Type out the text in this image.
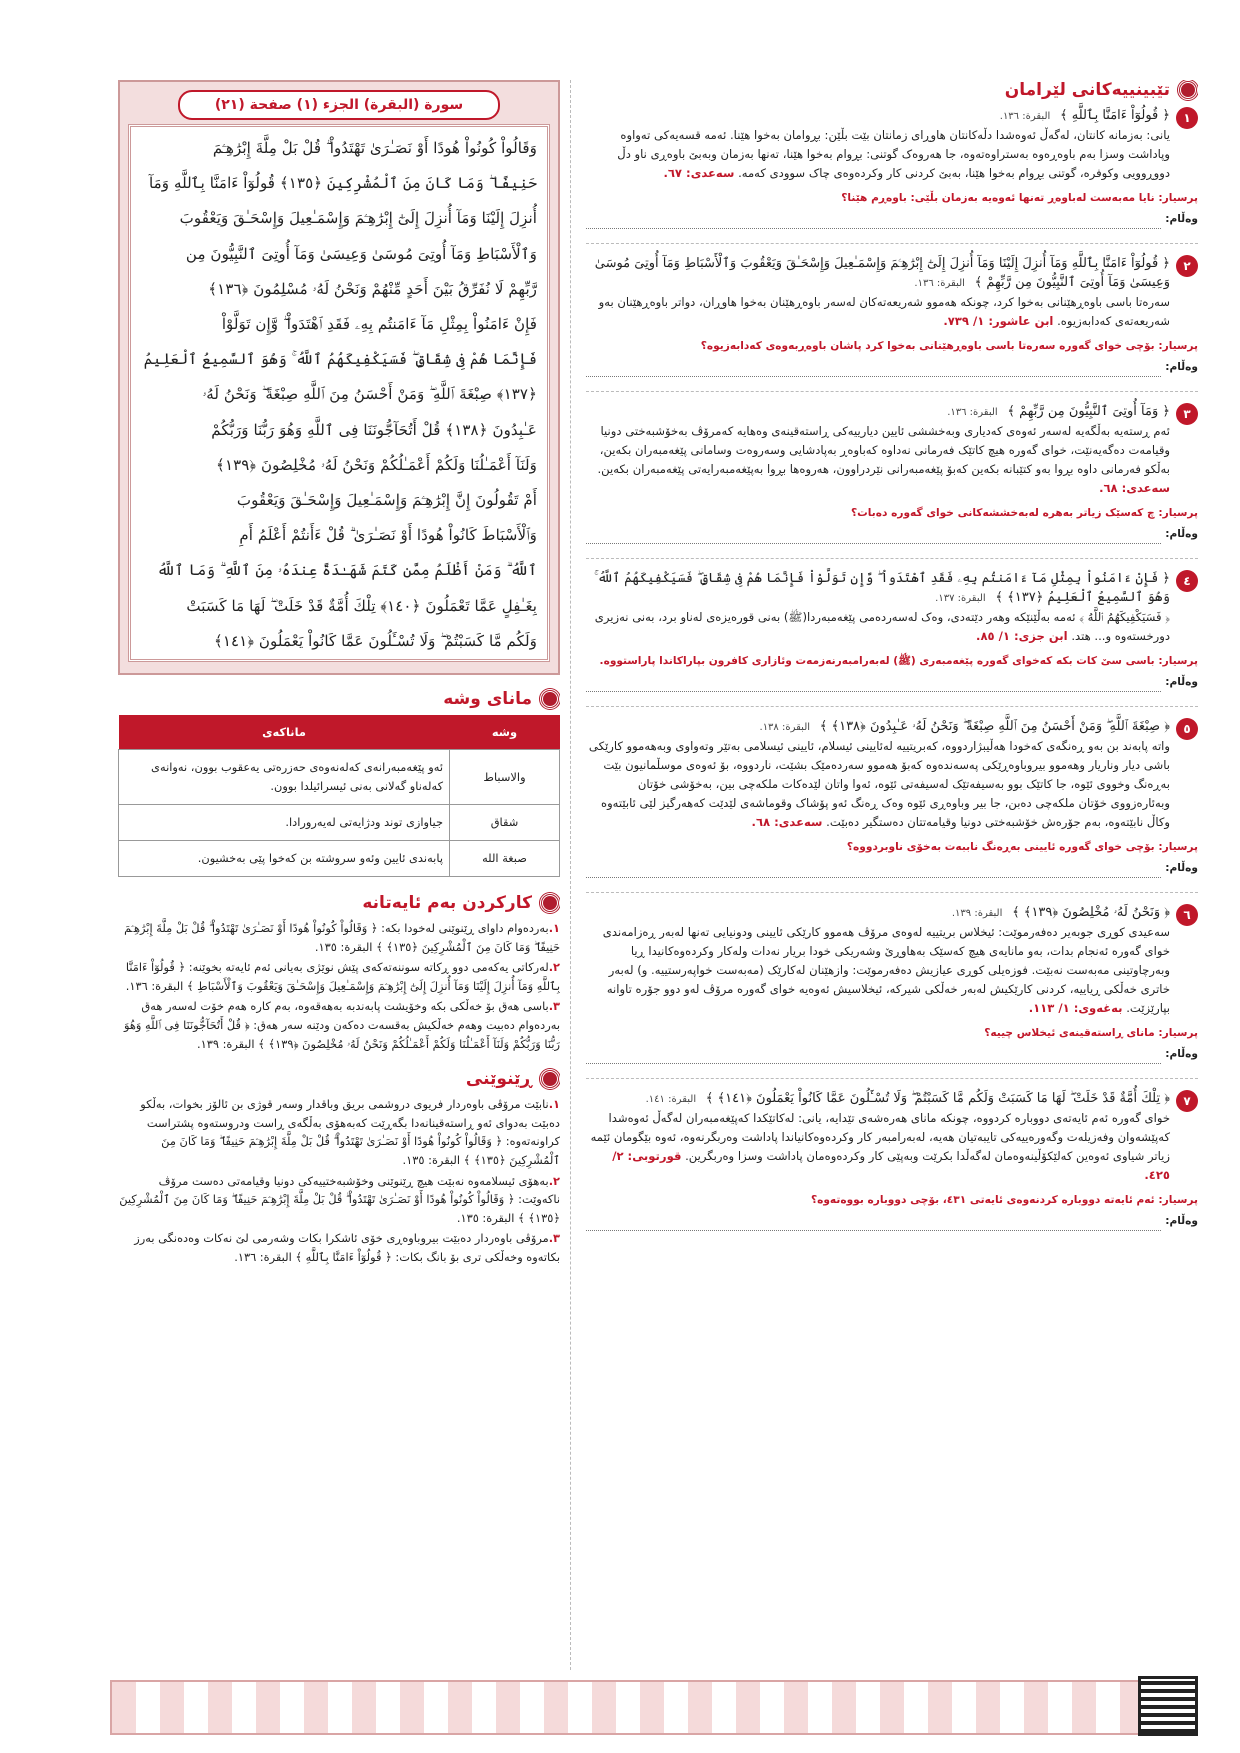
تێبینییەکانی لێرامان
١
﴿ قُولُوٓاْ ءَامَنَّا بِٱللَّهِ ﴾ البقرة: ١٣٦.
یانی: بەزمانە کانتان، لەگەڵ ئەوەشدا دڵەکانتان هاوڕای زمانتان بێت بڵێن: بڕوامان بەخوا هێنا. ئەمە قسەیەکی تەواوە وپاداشت وسزا بەم باوەڕەوە بەستراوەتەوە، جا هەروەک گوتنی: بڕوام بەخوا هێنا، تەنها بەزمان وبەبێ باوەڕی ناو دڵ دووڕوویی وکوفرە، گوتنی بڕوام بەخوا هێنا، بەبێ کردنی کار وکردەوەی چاک سوودی کەمە. سەعدی: ٦٧.
پرسیار: نایا مەبەست لەباوەڕ تەنها ئەوەیە بەزمان بڵێی: باوەڕم هێنا؟
وەڵام:
٢
﴿ قُولُوٓاْ ءَامَنَّا بِٱللَّهِ وَمَآ أُنزِلَ إِلَيْنَا وَمَآ أُنزِلَ إِلَىٰٓ إِبْرَٰهِـۧمَ وَإِسْمَـٰعِيلَ وَإِسْحَـٰقَ وَيَعْقُوبَ وَٱلْأَسْبَاطِ وَمَآ أُوتِىَ مُوسَىٰ وَعِيسَىٰ وَمَآ أُوتِىَ ٱلنَّبِيُّونَ مِن رَّبِّهِمْ ﴾ البقرة: ١٣٦.
سەرەتا باسی باوەڕهێنانی بەخوا کرد، چونکە هەموو شەریعەتەکان لەسەر باوەڕهێنان بەخوا هاوڕان، دواتر باوەڕهێنان بەو شەریعەتەی کەدابەزیوە. ابن عاشور: ١/ ٧٣٩.
پرسیار: بۆچی خوای گەورە سەرەتا باسی باوەڕهێنانی بەخوا کرد پاشان باوەڕبەوەی کەدابەزیوە؟
وەڵام:
٣
﴿ وَمَآ أُوتِىَ ٱلنَّبِيُّونَ مِن رَّبِّهِمْ ﴾ البقرة: ١٣٦.
ئەم ڕستەیە بەڵگەیە لەسەر ئەوەی کەدیاری وبەخششی ئایین دیارییەکی ڕاستەقینەی وەهایە کەمرۆڤ بەخۆشبەختی دونیا وقیامەت دەگەیەنێت، خوای گەورە هیچ کاتێک فەرمانی نەداوە کەباوەڕ بەپادشایی وسەروەت وسامانی پێغەمبەران بکەین، بەڵکو فەرمانی داوە بڕوا بەو کتێبانە بکەین کەبۆ پێغەمبەرانی نێردراوون، هەروەها بڕوا بەپێغەمبەرایەتی پێغەمبەران بکەین. سەعدی: ٦٨.
پرسیار: چ کەسێک زیاتر بەهرە لەبەخششەکانی خوای گەورە دەبات؟
وەڵام:
٤
﴿ فَإِنْ ءَامَنُواْ بِمِثْلِ مَآ ءَامَنتُم بِهِۦ فَقَدِ ٱهْتَدَواْ ۖ وَّإِن تَوَلَّوْاْ فَإِنَّمَا هُمْ فِى شِقَاقٍ ۖ فَسَيَكْفِيكَهُمُ ٱللَّهُ ۚ وَهُوَ ٱلسَّمِيعُ ٱلْعَلِيمُ ﴿١٣٧﴾ ﴾ البقرة: ١٣٧.
﴿ فَسَيَكْفِيكَهُمُ ٱللَّهُ ﴾ ئەمە بەڵێنێکە وهەر دێتەدی، وەک لەسەردەمی پێغەمبەردا(ﷺ) بەنی قورەیزەی لەناو برد، بەنی نەزیری دورخستەوە و... هتد. ابن جزی: ١/ ٨٥.
پرسیار: باسی سێ کات بکە کەخوای گەورە پێغەمبەری (ﷺ) لەبەرامبەرنەزمەت وئازاری کافرون بپاراکاندا پاراستووە.
وەڵام:
٥
﴿ صِبْغَةَ ٱللَّهِ ۖ وَمَنْ أَحْسَنُ مِنَ ٱللَّهِ صِبْغَةً ۖ وَنَحْنُ لَهُۥ عَـٰبِدُونَ ﴿١٣٨﴾ ﴾ البقرة: ١٣٨.
واتە پابەند بن بەو ڕەنگەی کەخودا هەڵیبژاردووە، کەبریتییە لەئایینی ئیسلام، ئایینی ئیسلامی بەتێر وتەواوی وبەهەموو کارێکی باشی دیار وناریار وهەموو بیروباوەڕێکی پەسەندەوە کەبۆ هەموو سەردەمێک بشێت، ناردووە، بۆ ئەوەی موسڵمانیون بێت بەڕەنگ وخووی ئێوە، جا کاتێک بوو بەسیفەتێک لەسیفەتی ئێوە، ئەوا واتان لێدەکات ملکەچی بین، بەخۆشی خۆتان وبەئارەزووی خۆتان ملکەچی دەبن، جا بیر وباوەڕی ئێوە وەک ڕەنگ ئەو پۆشاک وقوماشەی لێدێت کەهەرگیز لێی ئابێتەوە وکاڵ نابێتەوە، بەم جۆرەش خۆشبەختی دونیا وقیامەتتان دەستگیر دەبێت. سەعدی: ٦٨.
پرسیار: بۆچی خوای گەورە ئایینی بەڕەنگ ناببەت بەخۆی ناوبردووە؟
وەڵام:
٦
﴿ وَنَحْنُ لَهُۥ مُخْلِصُونَ ﴿١٣٩﴾ ﴾ البقرة: ١٣٩.
سەعیدی کوڕی جوبەیر دەفەرموێت: ئیخلاس بریتییە لەوەی مرۆڤ هەموو کارێکی ئایینی ودونیایی تەنها لەبەر ڕەزامەندی خوای گەورە ئەنجام بدات، بەو مانایەی هیچ کەسێک بەهاوڕێ وشەریکی خودا بریار نەدات ولەکار وکردەوەکانیدا ڕیا وبەرچاوتینی مەبەست نەبێت. فوزەیلی کوڕی عیازیش دەفەرموێت: وازهێنان لەکارێک (مەبەست خواپەرستییە. و) لەبەر خاتری خەڵکی ڕیاییە، کردنی کارێکیش لەبەر خەڵکی شیرکە، ئیخلاسیش ئەوەیە خوای گەورە مرۆڤ لەو دوو جۆرە تاوانە بپارێزێت. بەغەوی: ١/ ١١٣.
پرسیار: مانای ڕاستەقینەی ئیخلاس چییە؟
وەڵام:
٧
﴿ تِلْكَ أُمَّةٌ قَدْ خَلَتْ ۖ لَهَا مَا كَسَبَتْ وَلَكُم مَّا كَسَبْتُمْ ۖ وَلَا تُسْـَٔلُونَ عَمَّا كَانُواْ يَعْمَلُونَ ﴿١٤١﴾ ﴾ البقرة: ١٤١.
خوای گەورە ئەم ئایەتەی دووبارە کردووە، چونکە مانای هەرەشەی تێدایە، یانی: لەکاتێکدا کەپێغەمبەران لەگەڵ ئەوەشدا کەپێشەوان وفەزیلەت وگەورەییەکی تایبەتیان هەیە، لەبەرامبەر کار وکردەوەکانیاندا پاداشت وەربگرنەوە، ئەوە بێگومان ئێمە زیاتر شیاوی ئەوەین کەلێکۆڵینەوەمان لەگەڵدا بکرێت وبەپێی کار وکردەوەمان پاداشت وسزا وەربگرین. قورتوبی: ٢/ ٤٢٥.
پرسیار: ئەم ئایەتە دووبارە کردنەوەی ئایەتی ٤٣١، بۆچی دووبارە بووەتەوە؟
وەڵام:
سورة (البقرة) الجزء (١) صفحة (٢١)
وَقَالُواْ كُونُواْ هُودًا أَوْ نَصَـٰرَىٰ تَهْتَدُواْ ۗ قُلْ بَلْ مِلَّةَ إِبْرَٰهِـۧمَ
حَنِيفًا ۖ وَمَا كَانَ مِنَ ٱلْمُشْرِكِينَ ﴿١٣٥﴾ قُولُوٓاْ ءَامَنَّا بِٱللَّهِ وَمَآ
أُنزِلَ إِلَيْنَا وَمَآ أُنزِلَ إِلَىٰٓ إِبْرَٰهِـۧمَ وَإِسْمَـٰعِيلَ وَإِسْحَـٰقَ وَيَعْقُوبَ
وَٱلْأَسْبَاطِ وَمَآ أُوتِىَ مُوسَىٰ وَعِيسَىٰ وَمَآ أُوتِىَ ٱلنَّبِيُّونَ مِن
رَّبِّهِمْ لَا نُفَرِّقُ بَيْنَ أَحَدٍ مِّنْهُمْ وَنَحْنُ لَهُۥ مُسْلِمُونَ ﴿١٣٦﴾
فَإِنْ ءَامَنُواْ بِمِثْلِ مَآ ءَامَنتُم بِهِۦ فَقَدِ ٱهْتَدَواْ ۖ وَّإِن تَوَلَّوْاْ
فَإِنَّمَا هُمْ فِى شِقَاقٍ ۖ فَسَيَكْفِيكَهُمُ ٱللَّهُ ۚ وَهُوَ ٱلسَّمِيعُ ٱلْعَلِيمُ
﴿١٣٧﴾ صِبْغَةَ ٱللَّهِ ۖ وَمَنْ أَحْسَنُ مِنَ ٱللَّهِ صِبْغَةً ۖ وَنَحْنُ لَهُۥ
عَـٰبِدُونَ ﴿١٣٨﴾ قُلْ أَتُحَآجُّونَنَا فِى ٱللَّهِ وَهُوَ رَبُّنَا وَرَبُّكُمْ
وَلَنَآ أَعْمَـٰلُنَا وَلَكُمْ أَعْمَـٰلُكُمْ وَنَحْنُ لَهُۥ مُخْلِصُونَ ﴿١٣٩﴾
أَمْ تَقُولُونَ إِنَّ إِبْرَٰهِـۧمَ وَإِسْمَـٰعِيلَ وَإِسْحَـٰقَ وَيَعْقُوبَ
وَٱلْأَسْبَاطَ كَانُواْ هُودًا أَوْ نَصَـٰرَىٰ ۗ قُلْ ءَأَنتُمْ أَعْلَمُ أَمِ
ٱللَّهُ ۗ وَمَنْ أَظْلَمُ مِمَّن كَتَمَ شَهَـٰدَةً عِندَهُۥ مِنَ ٱللَّهِ ۗ وَمَا ٱللَّهُ
بِغَـٰفِلٍ عَمَّا تَعْمَلُونَ ﴿١٤٠﴾ تِلْكَ أُمَّةٌ قَدْ خَلَتْ ۖ لَهَا مَا كَسَبَتْ
وَلَكُم مَّا كَسَبْتُمْ ۖ وَلَا تُسْـَٔلُونَ عَمَّا كَانُواْ يَعْمَلُونَ ﴿١٤١﴾
مانای وشە
وشە	ماناکەی
والاسباط	ئەو پێغەمبەرانەی کەلەنەوەی حەزرەتی یەعقوب بوون، نەوانەی کەلەناو گەلانی بەنی ئیسرائیلدا بوون.
شقاق	جیاوازی توند ودژایەتی لەیەرورادا.
صبغة الله	پابەندی ئایین وئەو سروشتە بن کەخوا پێی بەخشیون.
کارکردن بەم ئایەتانە

١.بەردەوام داوای ڕێنوێنی لەخودا بکە: ﴿ وَقَالُواْ كُونُواْ هُودًا أَوْ نَصَـٰرَىٰ تَهْتَدُواْ ۗ قُلْ بَلْ مِلَّةَ إِبْرَٰهِـۧمَ حَنِيفًا ۖ وَمَا كَانَ مِنَ ٱلْمُشْرِكِينَ ﴿١٣٥﴾ ﴾ البقرة: ١٣٥.

٢.لەرکاتی یەکەمی دوو ڕکاتە سوننەتەکەی پێش نوێژی بەیانی ئەم ئایەتە بخوێنە: ﴿ قُولُوٓاْ ءَامَنَّا بِٱللَّهِ وَمَآ أُنزِلَ إِلَيْنَا وَمَآ أُنزِلَ إِلَىٰٓ إِبْرَٰهِـۧمَ وَإِسْمَـٰعِيلَ وَإِسْحَـٰقَ وَيَعْقُوبَ وَٱلْأَسْبَاطِ ﴾ البقرة: ١٣٦.

٣.باسی هەق بۆ خەڵکی بکە وخۆیشت پابەندبە بەهەقەوە، بەم کارە هەم خۆت لەسەر هەق بەردەوام دەبیت وهەم خەڵکیش بەقسەت دەکەن ودێنە سەر هەق: ﴿ قُلْ أَتُحَآجُّونَنَا فِى ٱللَّهِ وَهُوَ رَبُّنَا وَرَبُّكُمْ وَلَنَآ أَعْمَـٰلُنَا وَلَكُمْ أَعْمَـٰلُكُمْ وَنَحْنُ لَهُۥ مُخْلِصُونَ ﴿١٣٩﴾ ﴾ البقرة: ١٣٩.

ڕێنوێنی

١.نابێت مرۆڤی باوەردار فریوی دروشمی بریق وباقدار وسەر قوژی بن ئالۆز بخوات، بەڵکو دەبێت بەدوای ئەو ڕاستەقینانەدا بگەڕێت کەبەهۆی بەڵگەی ڕاست ودروستەوە پشتراست کراونەتەوە: ﴿ وَقَالُواْ كُونُواْ هُودًا أَوْ نَصَـٰرَىٰ تَهْتَدُواْ ۗ قُلْ بَلْ مِلَّةَ إِبْرَٰهِـۧمَ حَنِيفًا ۖ وَمَا كَانَ مِنَ ٱلْمُشْرِكِينَ ﴿١٣٥﴾ ﴾ البقرة: ١٣٥.

٢.بەهۆی ئیسلامەوە نەبێت هیچ ڕێنوێنی وخۆشبەختییەکی دونیا وقیامەتی دەست مرۆڤ ناکەوێت: ﴿ وَقَالُواْ كُونُواْ هُودًا أَوْ نَصَـٰرَىٰ تَهْتَدُواْ ۗ قُلْ بَلْ مِلَّةَ إِبْرَٰهِـۧمَ حَنِيفًا ۖ وَمَا كَانَ مِنَ ٱلْمُشْرِكِينَ ﴿١٣٥﴾ ﴾ البقرة: ١٣٥.

٣.مرۆڤی باوەردار دەبێت بیروباوەڕی خۆی ئاشکرا بکات وشەرمی لێ نەکات وەدەنگی بەرز بکاتەوە وخەڵکی تری بۆ بانگ بکات: ﴿ قُولُوٓاْ ءَامَنَّا بِٱللَّهِ ﴾ البقرة: ١٣٦.
